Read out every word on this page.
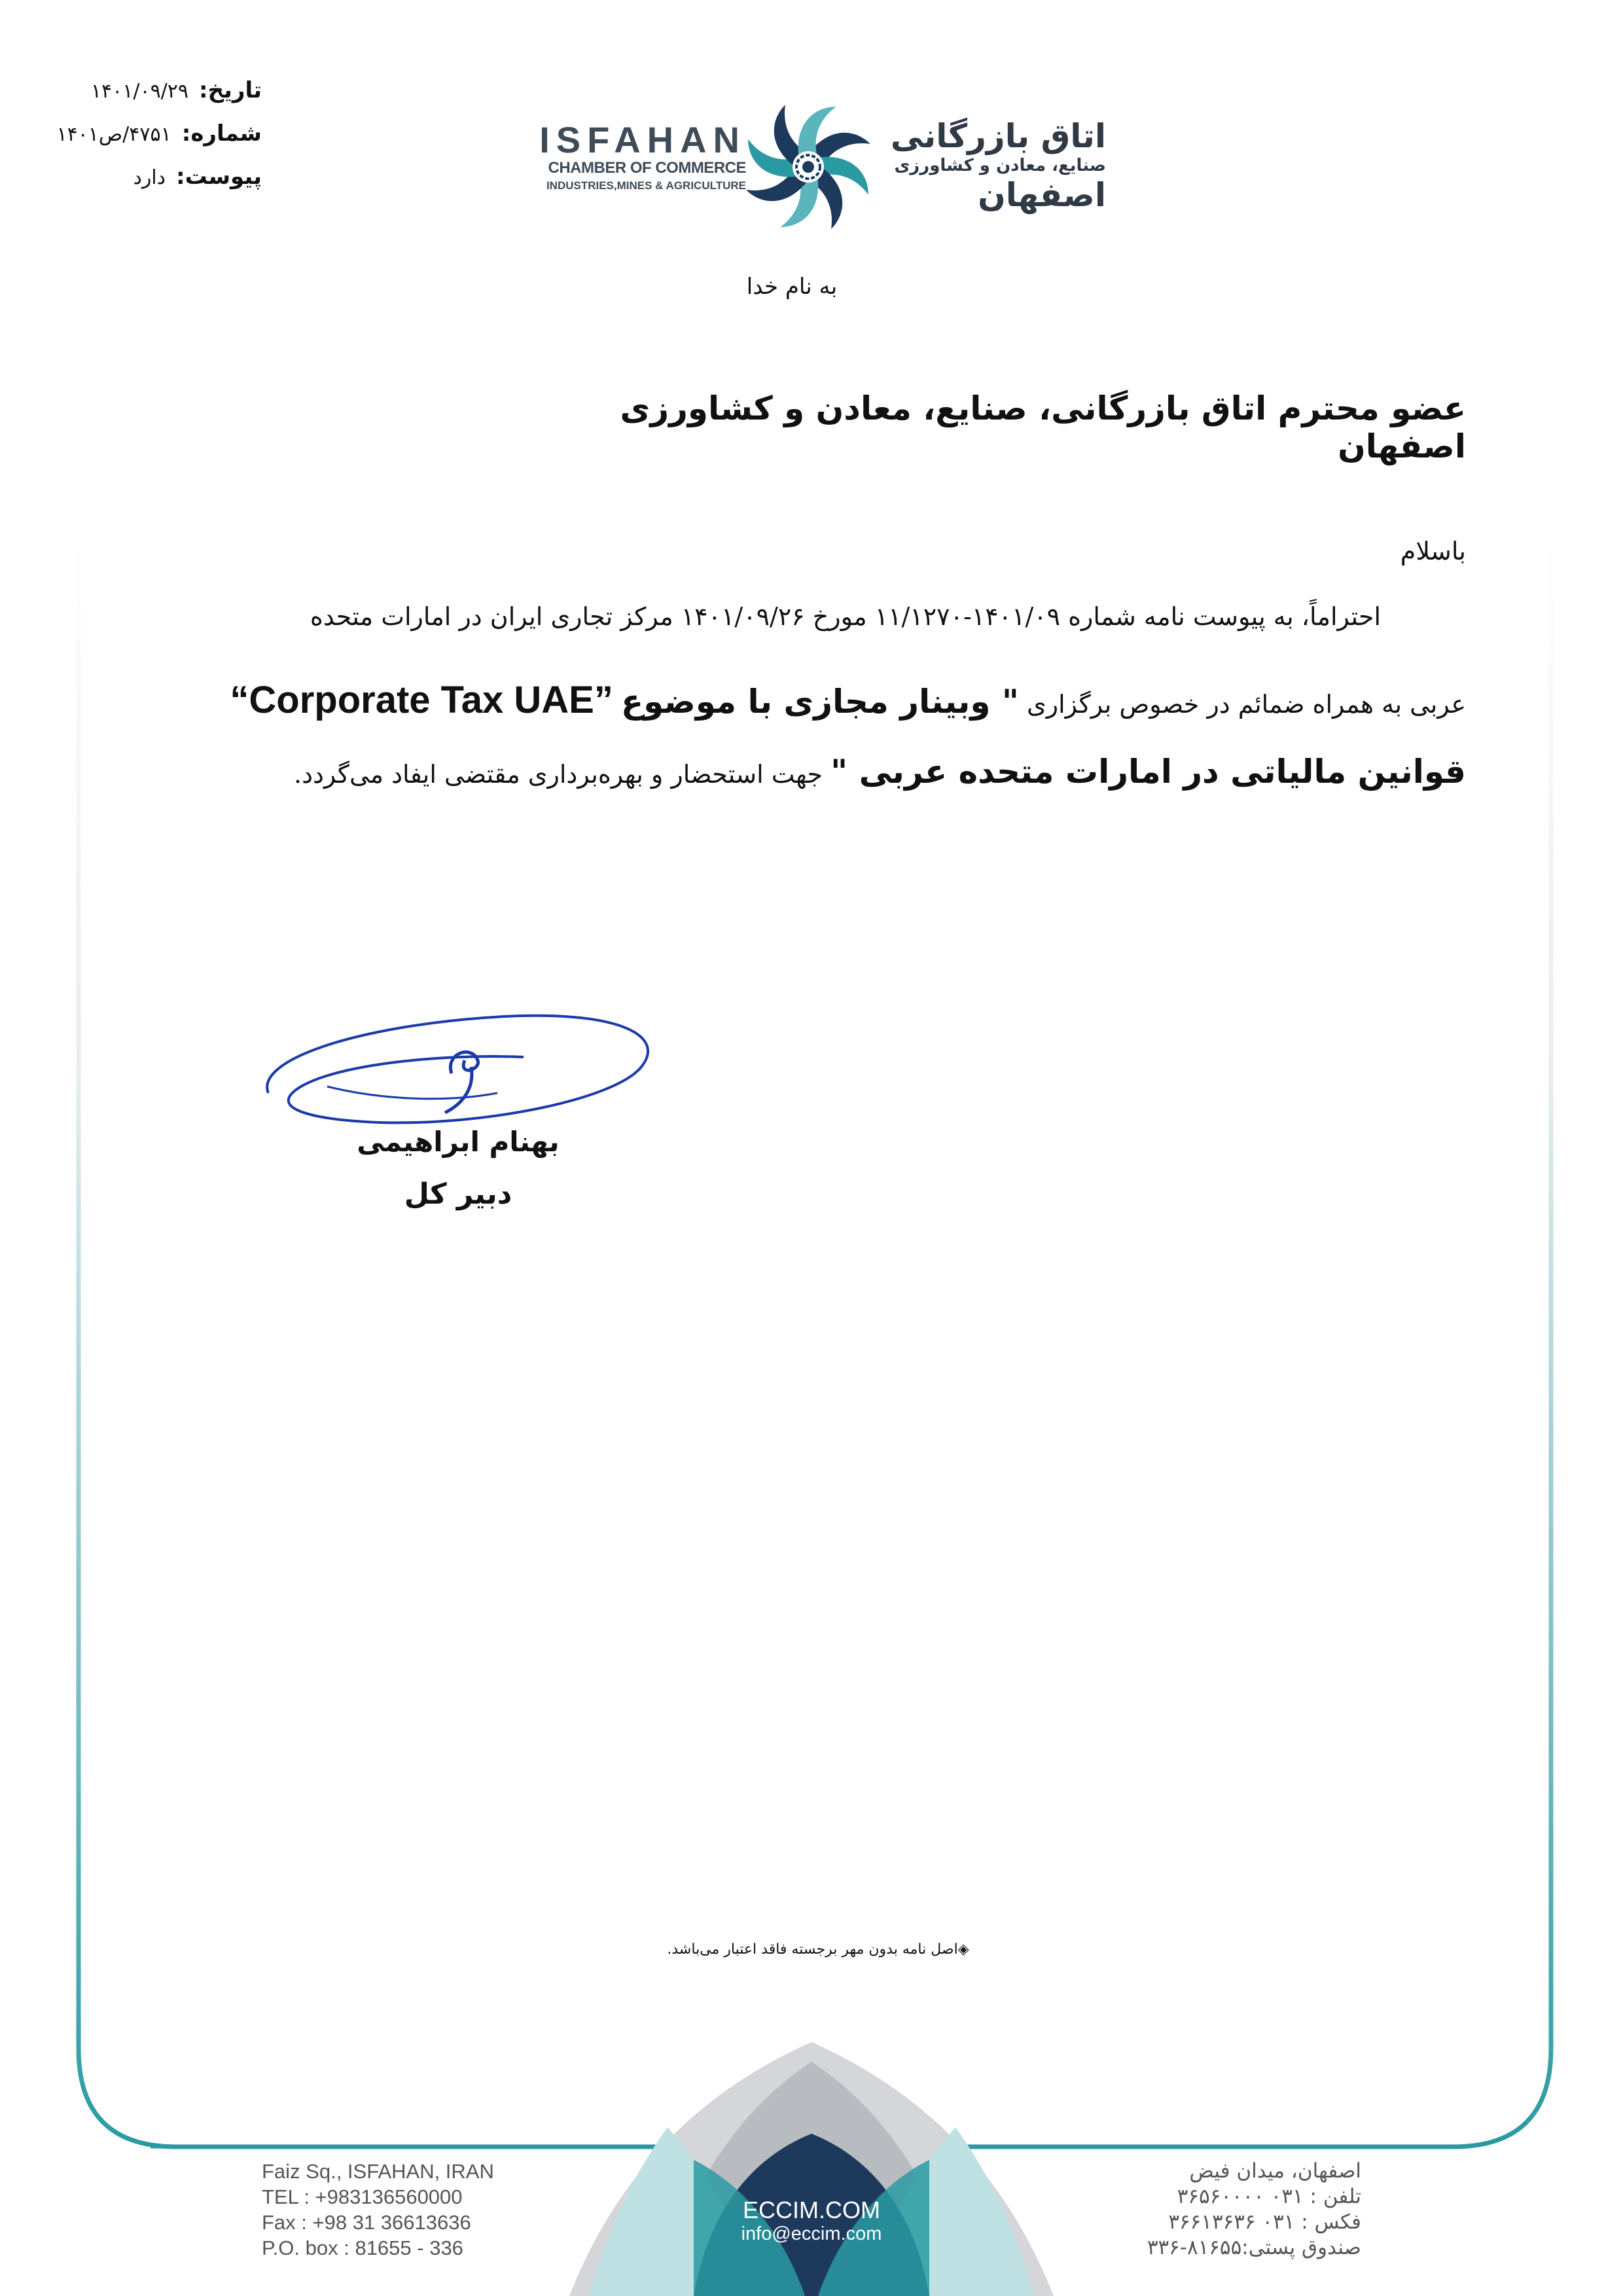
تاریخ:
۱۴۰۱/۰۹/۲۹
شماره:
۴۷۵۱/ص۱۴۰۱
پیوست:
دارد
ISFAHAN
CHAMBER OF COMMERCE
INDUSTRIES,MINES & AGRICULTURE
اتاق بازرگانی
صنایع، معادن و کشاورزی
اصفهان
به نام خدا
عضو محترم اتاق بازرگانی، صنایع، معادن و کشاورزی اصفهان
باسلام
احتراماً، به پیوست نامه شماره ۱۴۰۱/۰۹-۱۱/۱۲۷۰ مورخ ۱۴۰۱/۰۹/۲۶ مرکز تجاری ایران در امارات متحده
عربی به همراه ضمائم در خصوص برگزاری " وبینار مجازی با موضوع “Corporate Tax UAE”
قوانین مالیاتی در امارات متحده عربی " جهت استحضار و بهره‌برداری مقتضی ایفاد می‌گردد.
بهنام ابراهیمی
دبیر کل
◈اصل نامه بدون مهر برجسته فاقد اعتبار می‌باشد.
Faiz Sq., ISFAHAN, IRAN
TEL : +983136560000
Fax : +98 31 36613636
P.O. box : 81655 - 336
ECCIM.COM
info@eccim.com
اصفهان، میدان فیض
تلفن : ۰۳۱ ۳۶۵۶۰۰۰۰
فکس : ۰۳۱ ۳۶۶۱۳۶۳۶
صندوق پستی:۸۱۶۵۵-۳۳۶
